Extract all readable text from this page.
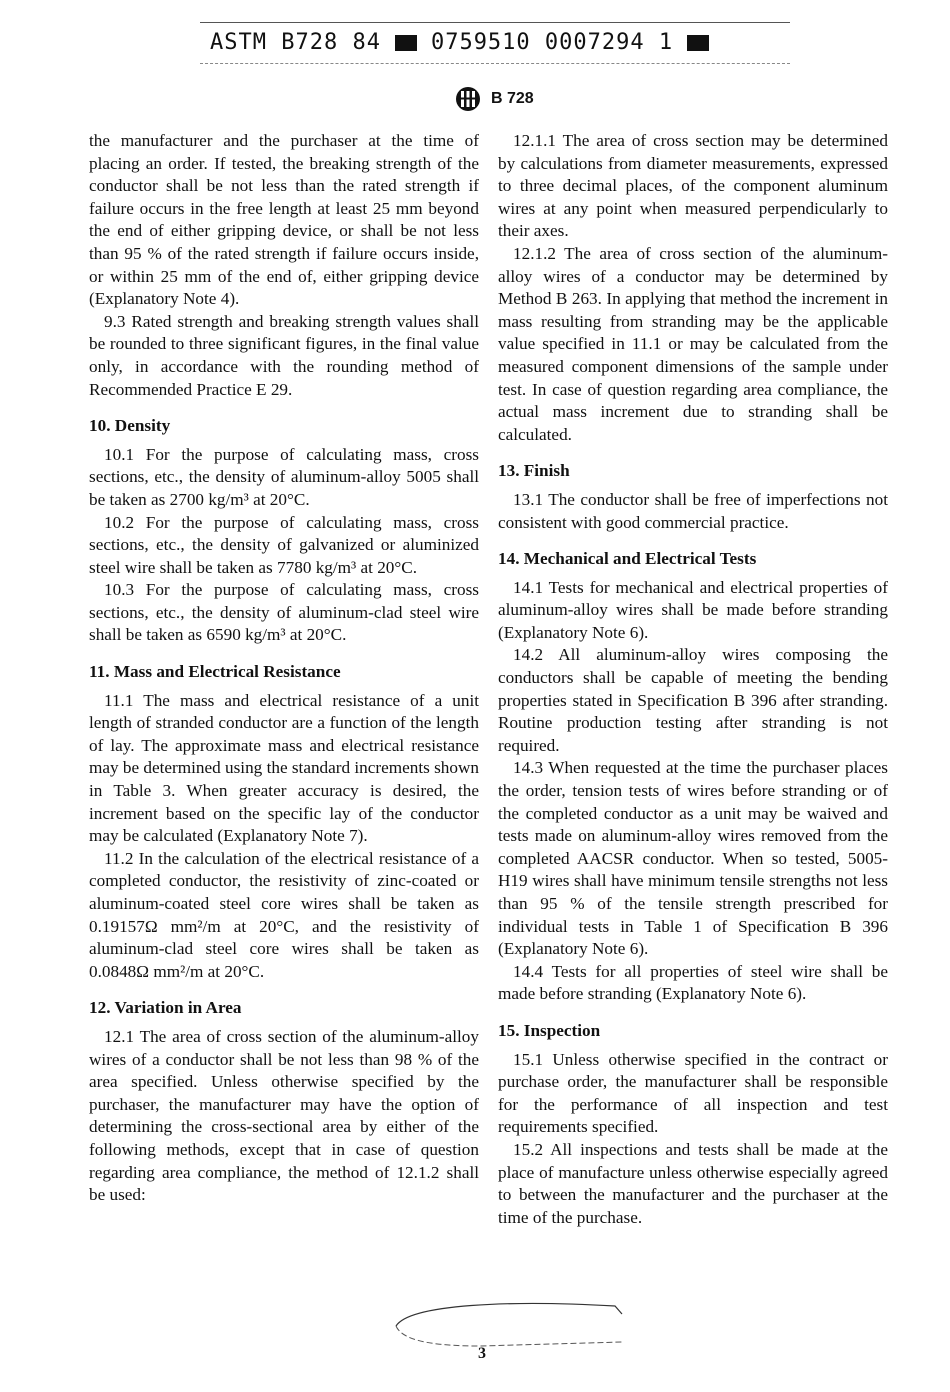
ASTM B728 84 0759510 0007294 1
B 728

the manufacturer and the purchaser at the time of placing an order. If tested, the breaking strength of the conductor shall be not less than the rated strength if failure occurs in the free length at least 25 mm beyond the end of either gripping device, or shall be not less than 95 % of the rated strength if failure occurs inside, or within 25 mm of the end of, either gripping device (Explanatory Note 4).

9.3 Rated strength and breaking strength values shall be rounded to three significant figures, in the final value only, in accordance with the rounding method of Recommended Practice E 29.

10. Density

10.1 For the purpose of calculating mass, cross sections, etc., the density of aluminum-alloy 5005 shall be taken as 2700 kg/m³ at 20°C.

10.2 For the purpose of calculating mass, cross sections, etc., the density of galvanized or aluminized steel wire shall be taken as 7780 kg/m³ at 20°C.

10.3 For the purpose of calculating mass, cross sections, etc., the density of aluminum-clad steel wire shall be taken as 6590 kg/m³ at 20°C.

11. Mass and Electrical Resistance

11.1 The mass and electrical resistance of a unit length of stranded conductor are a function of the length of lay. The approximate mass and electrical resistance may be determined using the standard increments shown in Table 3. When greater accuracy is desired, the increment based on the specific lay of the conductor may be calculated (Explanatory Note 7).

11.2 In the calculation of the electrical resistance of a completed conductor, the resistivity of zinc-coated or aluminum-coated steel core wires shall be taken as 0.19157Ω mm²/m at 20°C, and the resistivity of aluminum-clad steel core wires shall be taken as 0.0848Ω mm²/m at 20°C.

12. Variation in Area

12.1 The area of cross section of the aluminum-alloy wires of a conductor shall be not less than 98 % of the area specified. Unless otherwise specified by the purchaser, the manufacturer may have the option of determining the cross-sectional area by either of the following methods, except that in case of question regarding area compliance, the method of 12.1.2 shall be used:

12.1.1 The area of cross section may be determined by calculations from diameter measurements, expressed to three decimal places, of the component aluminum wires at any point when measured perpendicularly to their axes.

12.1.2 The area of cross section of the aluminum-alloy wires of a conductor may be determined by Method B 263. In applying that method the increment in mass resulting from stranding may be the applicable value specified in 11.1 or may be calculated from the measured component dimensions of the sample under test. In case of question regarding area compliance, the actual mass increment due to stranding shall be calculated.

13. Finish

13.1 The conductor shall be free of imperfections not consistent with good commercial practice.

14. Mechanical and Electrical Tests

14.1 Tests for mechanical and electrical properties of aluminum-alloy wires shall be made before stranding (Explanatory Note 6).

14.2 All aluminum-alloy wires composing the conductors shall be capable of meeting the bending properties stated in Specification B 396 after stranding. Routine production testing after stranding is not required.

14.3 When requested at the time the purchaser places the order, tension tests of wires before stranding or of the completed conductor as a unit may be waived and tests made on aluminum-alloy wires removed from the completed AACSR conductor. When so tested, 5005-H19 wires shall have minimum tensile strengths not less than 95 % of the tensile strength prescribed for individual tests in Table 1 of Specification B 396 (Explanatory Note 6).

14.4 Tests for all properties of steel wire shall be made before stranding (Explanatory Note 6).

15. Inspection

15.1 Unless otherwise specified in the contract or purchase order, the manufacturer shall be responsible for the performance of all inspection and test requirements specified.

15.2 All inspections and tests shall be made at the place of manufacture unless otherwise especially agreed to between the manufacturer and the purchaser at the time of the purchase.

3
